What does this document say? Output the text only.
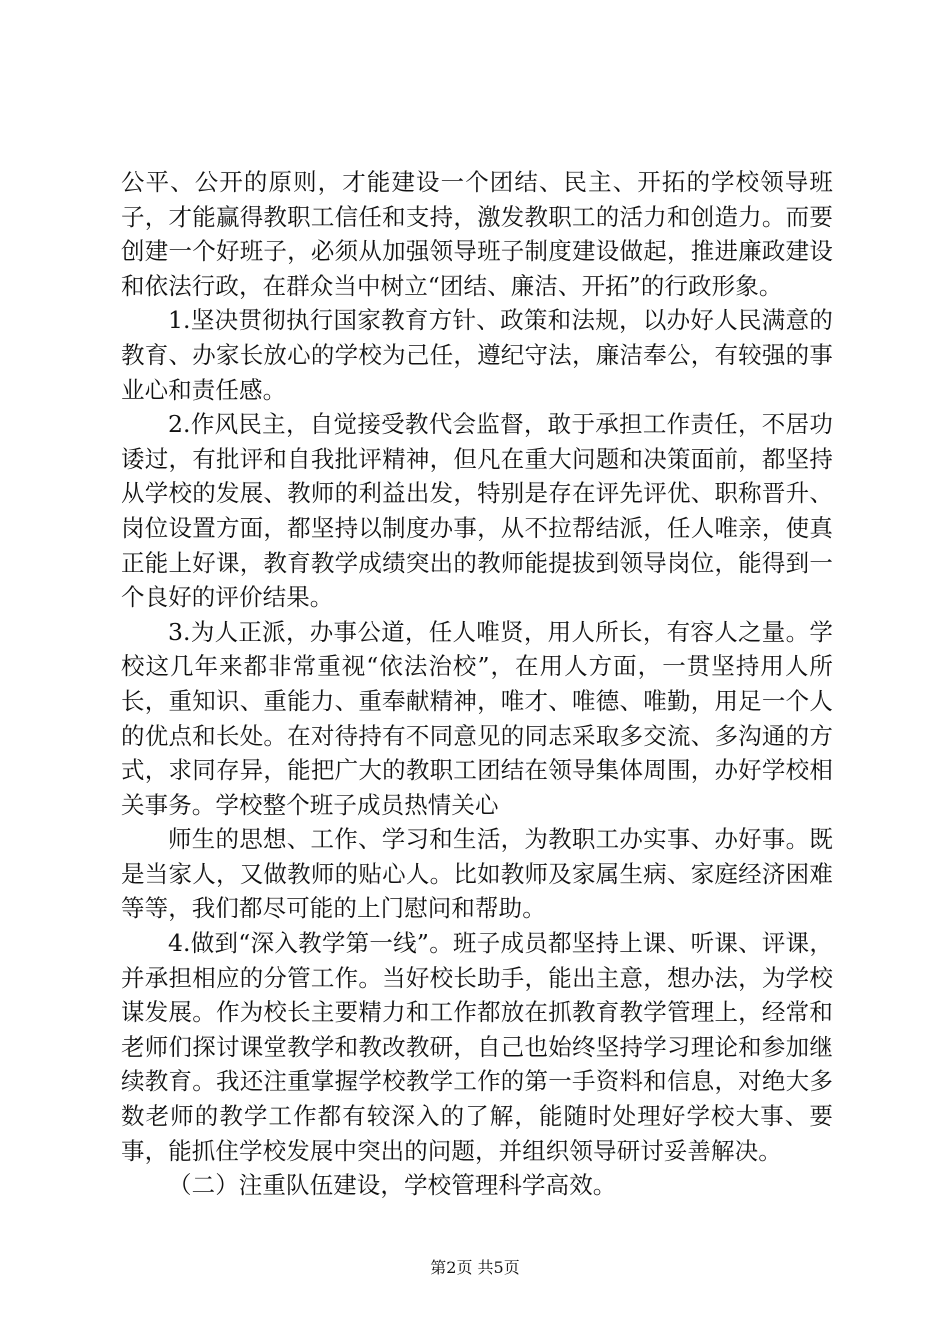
公平、公开的原则，才能建设一个团结、民主、开拓的学校领导班子，才能赢得教职工信任和支持，激发教职工的活力和创造力。而要创建一个好班子，必须从加强领导班子制度建设做起，推进廉政建设和依法行政，在群众当中树立“团结、廉洁、开拓”的行政形象。

1.坚决贯彻执行国家教育方针、政策和法规，以办好人民满意的教育、办家长放心的学校为己任，遵纪守法，廉洁奉公，有较强的事业心和责任感。

2.作风民主，自觉接受教代会监督，敢于承担工作责任，不居功诿过，有批评和自我批评精神，但凡在重大问题和决策面前，都坚持从学校的发展、教师的利益出发，特别是存在评先评优、职称晋升、岗位设置方面，都坚持以制度办事，从不拉帮结派，任人唯亲，使真正能上好课，教育教学成绩突出的教师能提拔到领导岗位，能得到一个良好的评价结果。

3.为人正派，办事公道，任人唯贤，用人所长，有容人之量。学校这几年来都非常重视“依法治校”，在用人方面，一贯坚持用人所长，重知识、重能力、重奉献精神，唯才、唯德、唯勤，用足一个人的优点和长处。在对待持有不同意见的同志采取多交流、多沟通的方式，求同存异，能把广大的教职工团结在领导集体周围，办好学校相关事务。学校整个班子成员热情关心

师生的思想、工作、学习和生活，为教职工办实事、办好事。既是当家人，又做教师的贴心人。比如教师及家属生病、家庭经济困难等等，我们都尽可能的上门慰问和帮助。

4.做到“深入教学第一线”。班子成员都坚持上课、听课、评课，并承担相应的分管工作。当好校长助手，能出主意，想办法，为学校谋发展。作为校长主要精力和工作都放在抓教育教学管理上，经常和老师们探讨课堂教学和教改教研，自己也始终坚持学习理论和参加继续教育。我还注重掌握学校教学工作的第一手资料和信息，对绝大多数老师的教学工作都有较深入的了解，能随时处理好学校大事、要事，能抓住学校发展中突出的问题，并组织领导研讨妥善解决。

（二）注重队伍建设，学校管理科学高效。

第2页 共5页
